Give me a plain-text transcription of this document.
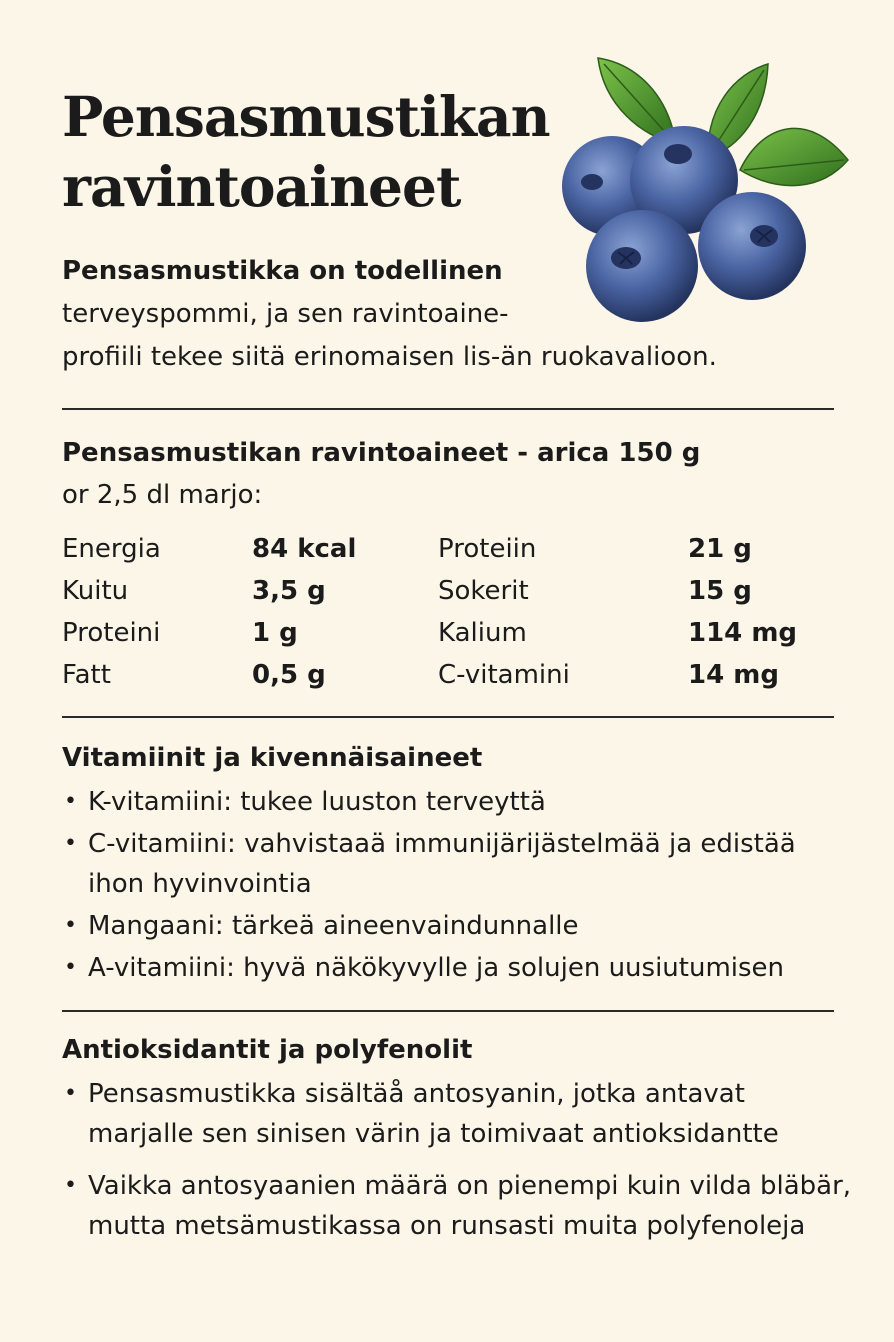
Pensasmustikan
ravintoaineet

Pensasmustikka on todellinen
terveyspommi, ja sen ravintoaine-
profiili tekee siitä erinomaisen lis-än ruokavalioon.

Pensasmustikan ravintoaineet - arica 150 g
or 2,5 dl marjo:
Energia	84 kcal	Proteiin	21 g
Kuitu	3,5 g	Sokerit	15 g
Proteini	1 g	Kalium	114 mg
Fatt	0,5 g	C-vitamini	14 mg
Vitamiinit ja kivennäisaineet
• K-vitamiini: tukee luuston terveyttä
• C-vitamiini: vahvistaaä immunijärijästelmää ja edistää ihon hyvinvointia
• Mangaani: tärkeä aineenvaindunnalle
• A-vitamiini: hyvä näkökyvylle ja solujen uusiutumisen
Antioksidantit ja polyfenolit
• Pensasmustikka sisältäå antosyanin, jotka antavat marjalle sen sinisen värin ja toimivaat antioksidantte
• Vaikka antosyaanien määrä on pienempi kuin vilda bläbär, mutta metsämustikassa on runsasti muita polyfenoleja
